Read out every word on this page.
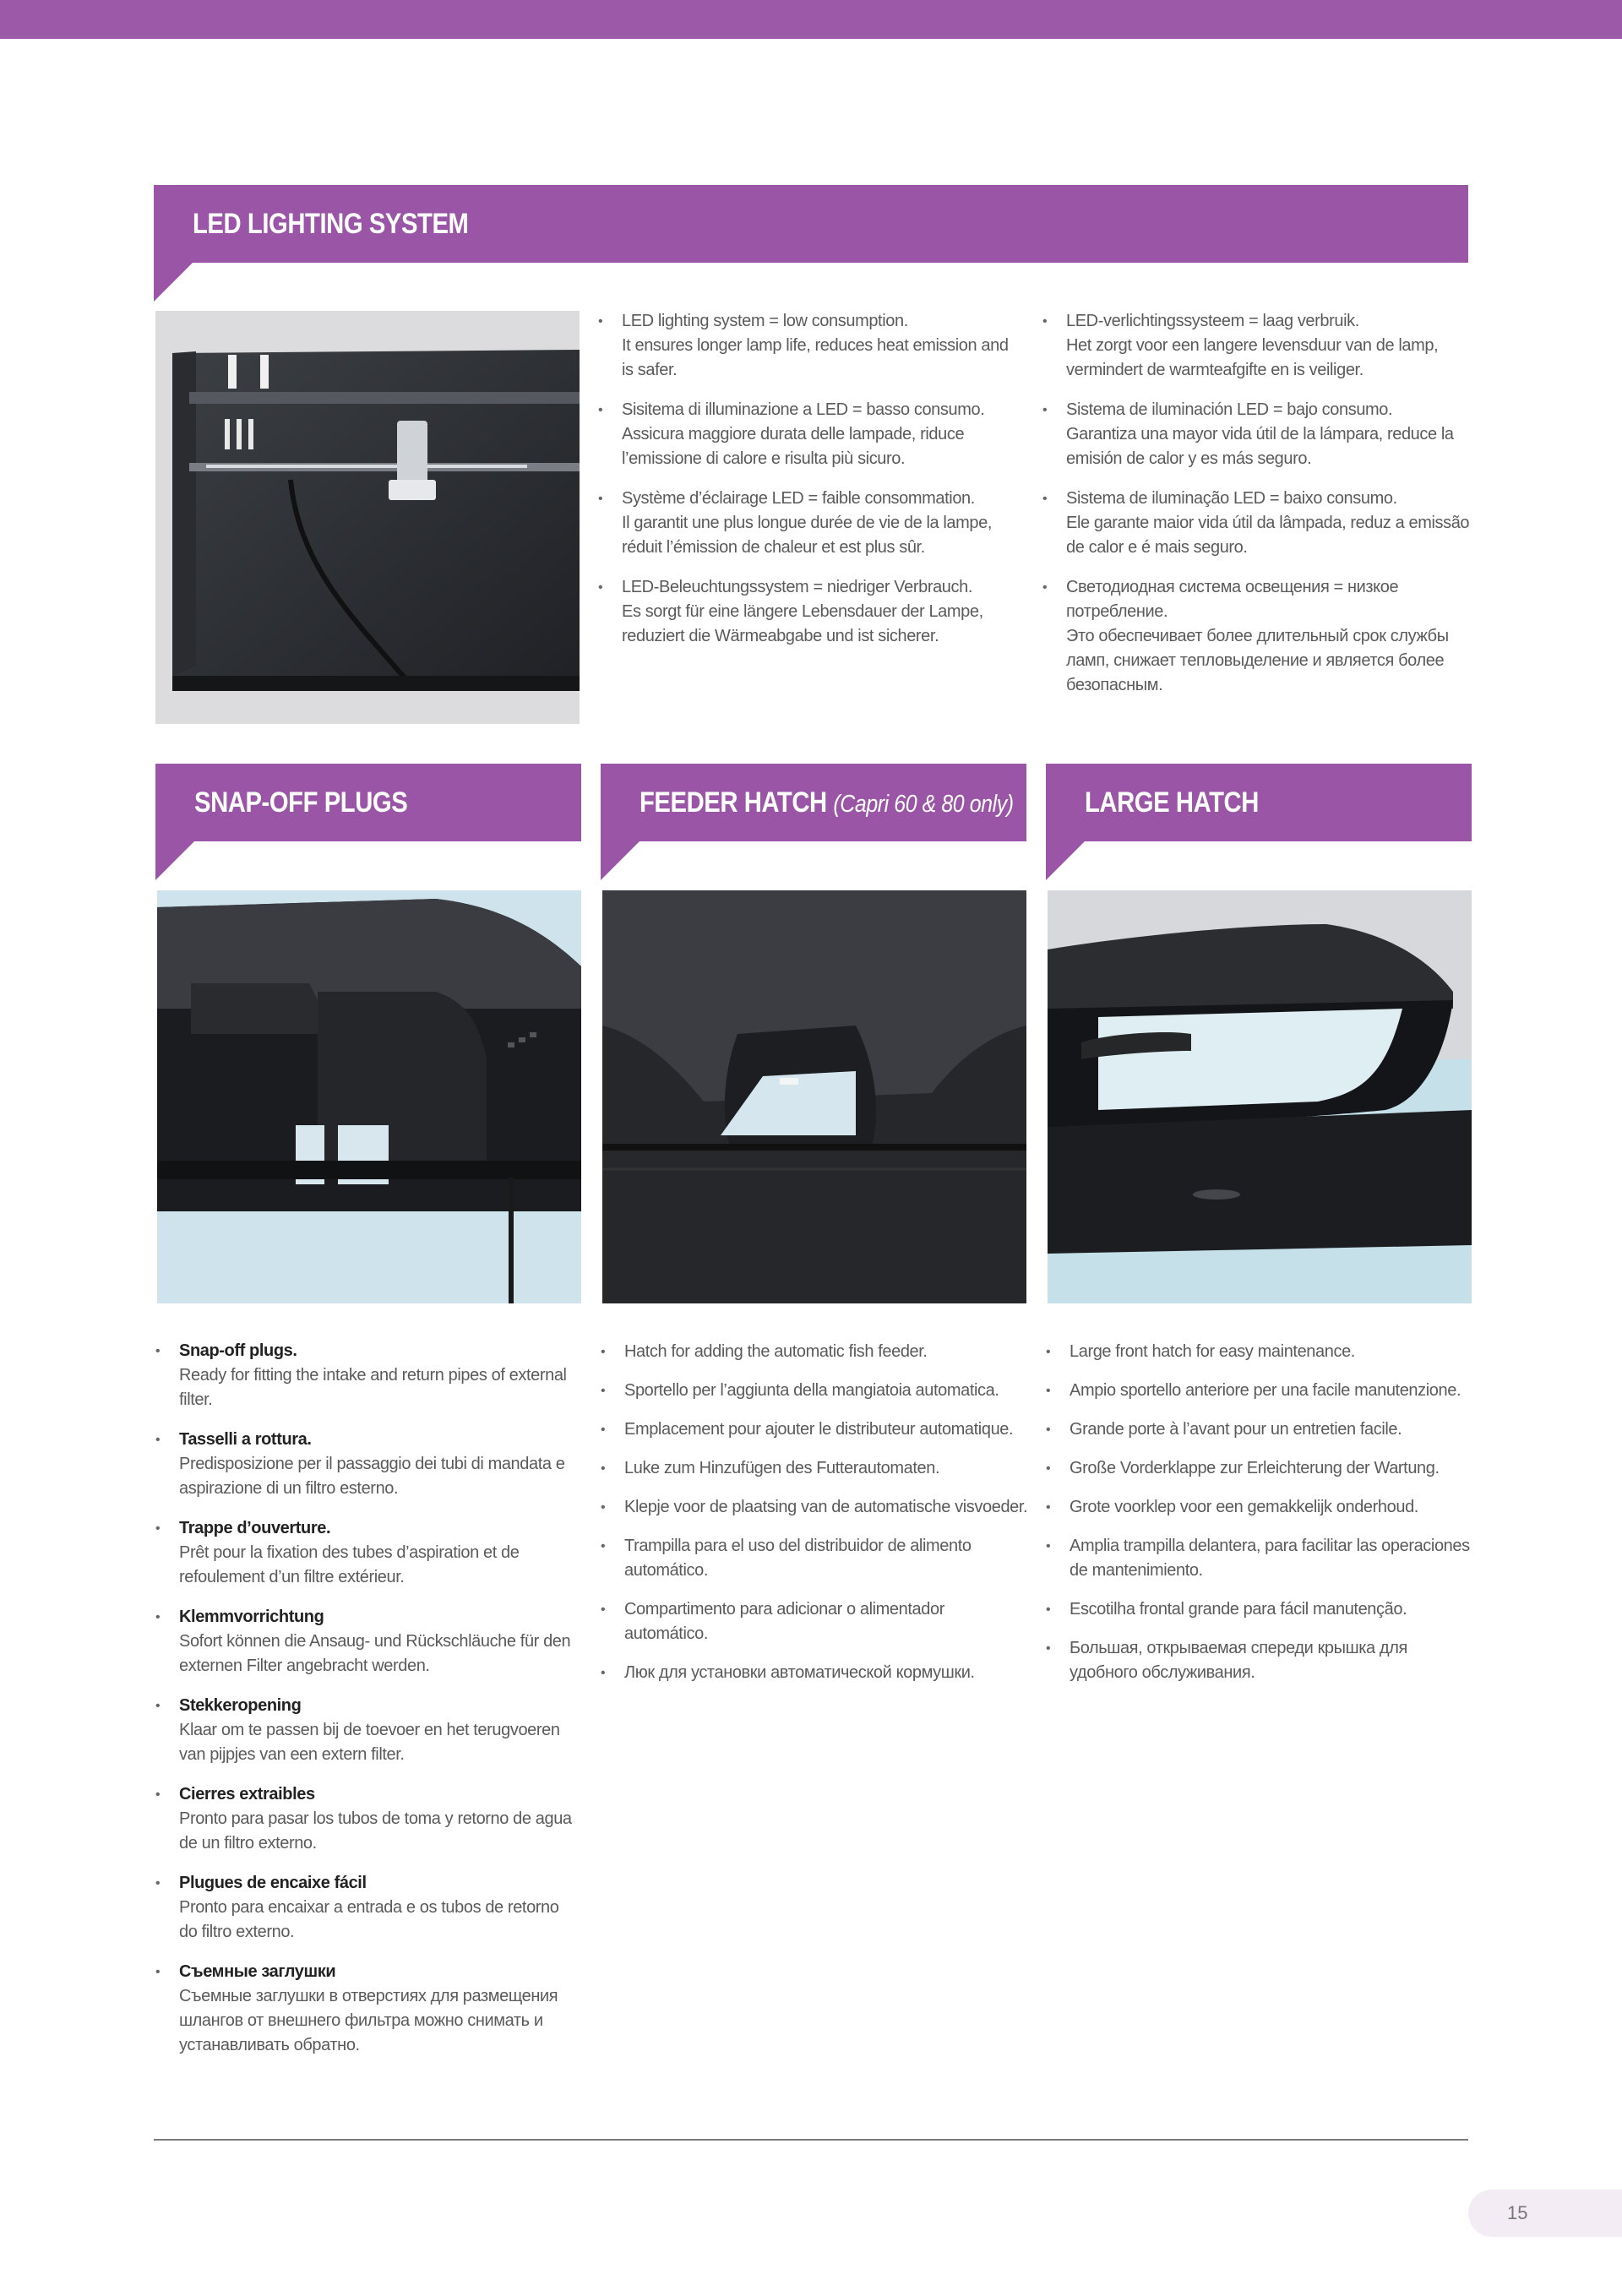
LED LIGHTING SYSTEM
• LED lighting system = low consumption.
It ensures longer lamp life, reduces heat emission and is safer.
• Sisitema di illuminazione a LED = basso consumo.
Assicura maggiore durata delle lampade, riduce l’emissione di calore e risulta più sicuro.
• Système d’éclairage LED = faible consommation.
Il garantit une plus longue durée de vie de la lampe, réduit l’émission de chaleur et est plus sûr.
• LED-Beleuchtungssystem = niedriger Verbrauch.
Es sorgt für eine längere Lebensdauer der Lampe, reduziert die Wärmeabgabe und ist sicherer.
• LED-verlichtingssysteem = laag verbruik.
Het zorgt voor een langere levensduur van de lamp, vermindert de warmteafgifte en is veiliger.
• Sistema de iluminación LED = bajo consumo.
Garantiza una mayor vida útil de la lámpara, reduce la emisión de calor y es más seguro.
• Sistema de iluminação LED = baixo consumo.
Ele garante maior vida útil da lâmpada, reduz a emissão de calor e é mais seguro.
• Светодиодная система освещения = низкое потребление.
Это обеспечивает более длительный срок службы ламп, снижает тепловыделение и является более безопасным.
SNAP-OFF PLUGS	FEEDER HATCH (Capri 60 & 80 only) LARGE HATCH
• Snap-off plugs.
Ready for fitting the intake and return pipes of external filter.
• Tasselli a rottura.
Predisposizione per il passaggio dei tubi di mandata e aspirazione di un filtro esterno.
• Trappe d’ouverture.
Prêt pour la fixation des tubes d’aspiration et de refoulement d’un filtre extérieur.
• Klemmvorrichtung
Sofort können die Ansaug- und Rückschläuche für den externen Filter angebracht werden.
• Stekkeropening
Klaar om te passen bij de toevoer en het terugvoeren van pijpjes van een extern filter.
• Cierres extraibles
Pronto para pasar los tubos de toma y retorno de agua de un filtro externo.
• Plugues de encaixe fácil
Pronto para encaixar a entrada e os tubos de retorno do filtro externo.
• Съемные заглушки
Съемные заглушки в отверстиях для размещения шлангов от внешнего фильтра можно снимать и устанавливать обратно.
• Hatch for adding the automatic fish feeder.
• Sportello per l’aggiunta della mangiatoia automatica.
• Emplacement pour ajouter le distributeur automatique.
• Luke zum Hinzufügen des Futterautomaten.
• Klepje voor de plaatsing van de automatische visvoeder.
• Trampilla para el uso del distribuidor de alimento automático.
• Compartimento para adicionar o alimentador automático.
• Люк для установки автоматической кормушки.
• Large front hatch for easy maintenance.
• Ampio sportello anteriore per una facile manutenzione.
• Grande porte à l’avant pour un entretien facile.
• Große Vorderklappe zur Erleichterung der Wartung.
• Grote voorklep voor een gemakkelijk onderhoud.
• Amplia trampilla delantera, para facilitar las operaciones de mantenimiento.
• Escotilha frontal grande para fácil manutenção.
• Большая, открываемая спереди крышка для удобного обслуживания.
15
